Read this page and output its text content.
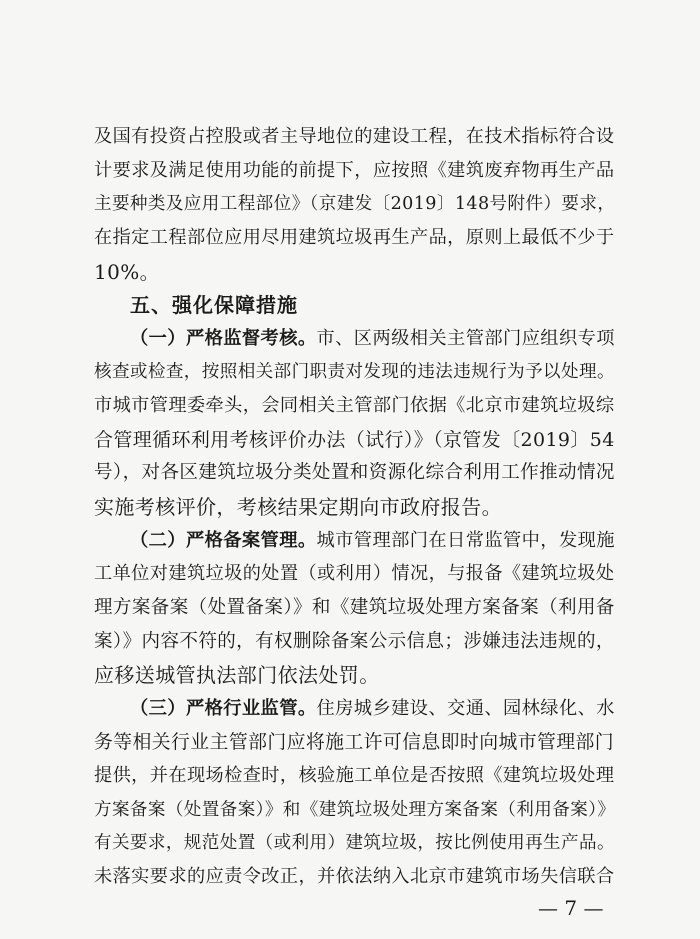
及国有投资占控股或者主导地位的建设工程，在技术指标符合设
计要求及满足使用功能的前提下，应按照《建筑废弃物再生产品
主要种类及应用工程部位》（京建发〔2019〕148号附件）要求，
在指定工程部位应用尽用建筑垃圾再生产品，原则上最低不少于
10%。
五、强化保障措施
（一）严格监督考核。市、区两级相关主管部门应组织专项
核查或检查，按照相关部门职责对发现的违法违规行为予以处理。
市城市管理委牵头，会同相关主管部门依据《北京市建筑垃圾综
合管理循环利用考核评价办法（试行）》（京管发〔2019〕54
号），对各区建筑垃圾分类处置和资源化综合利用工作推动情况
实施考核评价，考核结果定期向市政府报告。
（二）严格备案管理。城市管理部门在日常监管中，发现施
工单位对建筑垃圾的处置（或利用）情况，与报备《建筑垃圾处
理方案备案（处置备案）》和《建筑垃圾处理方案备案（利用备
案）》内容不符的，有权删除备案公示信息；涉嫌违法违规的，
应移送城管执法部门依法处罚。
（三）严格行业监管。住房城乡建设、交通、园林绿化、水
务等相关行业主管部门应将施工许可信息即时向城市管理部门
提供，并在现场检查时，核验施工单位是否按照《建筑垃圾处理
方案备案（处置备案）》和《建筑垃圾处理方案备案（利用备案）》
有关要求，规范处置（或利用）建筑垃圾，按比例使用再生产品。
未落实要求的应责令改正，并依法纳入北京市建筑市场失信联合
— 7 —
